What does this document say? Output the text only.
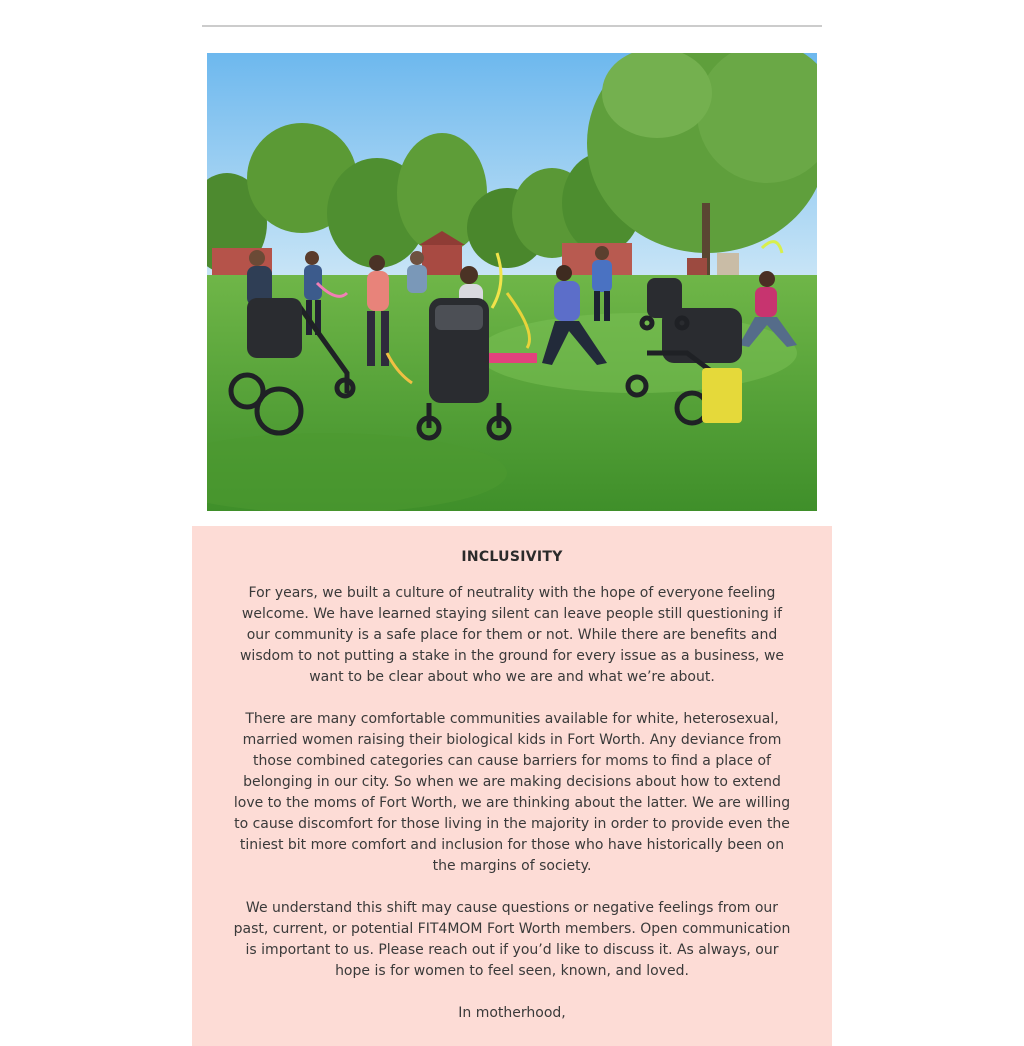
INCLUSIVITY

For years, we built a culture of neutrality with the hope of everyone feeling welcome. We have learned staying silent can leave people still questioning if our community is a safe place for them or not. While there are benefits and wisdom to not putting a stake in the ground for every issue as a business, we want to be clear about who we are and what we’re about.

There are many comfortable communities available for white, heterosexual, married women raising their biological kids in Fort Worth. Any deviance from those combined categories can cause barriers for moms to find a place of belonging in our city. So when we are making decisions about how to extend love to the moms of Fort Worth, we are thinking about the latter. We are willing to cause discomfort for those living in the majority in order to provide even the tiniest bit more comfort and inclusion for those who have historically been on the margins of society.

We understand this shift may cause questions or negative feelings from our past, current, or potential FIT4MOM Fort Worth members. Open communication is important to us. Please reach out if you’d like to discuss it. As always, our hope is for women to feel seen, known, and loved.

In motherhood,
